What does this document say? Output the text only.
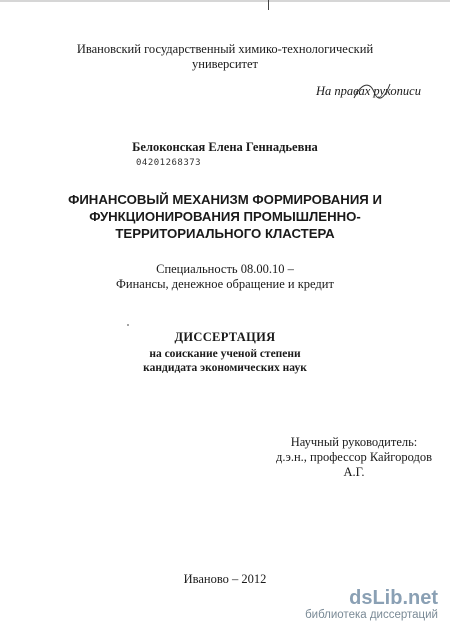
Ивановский государственный химико-технологический
университет
На правах рукописи
Белоконская Елена Геннадьевна
04201268373
ФИНАНСОВЫЙ МЕХАНИЗМ ФОРМИРОВАНИЯ И
ФУНКЦИОНИРОВАНИЯ ПРОМЫШЛЕННО-
ТЕРРИТОРИАЛЬНОГО КЛАСТЕРА
Специальность 08.00.10 –
Финансы, денежное обращение и кредит
ДИССЕРТАЦИЯ
на соискание ученой степени
кандидата экономических наук
Научный руководитель:
д.э.н., профессор Кайгородов А.Г.
Иваново – 2012
dsLib.net
библиотека диссертаций
